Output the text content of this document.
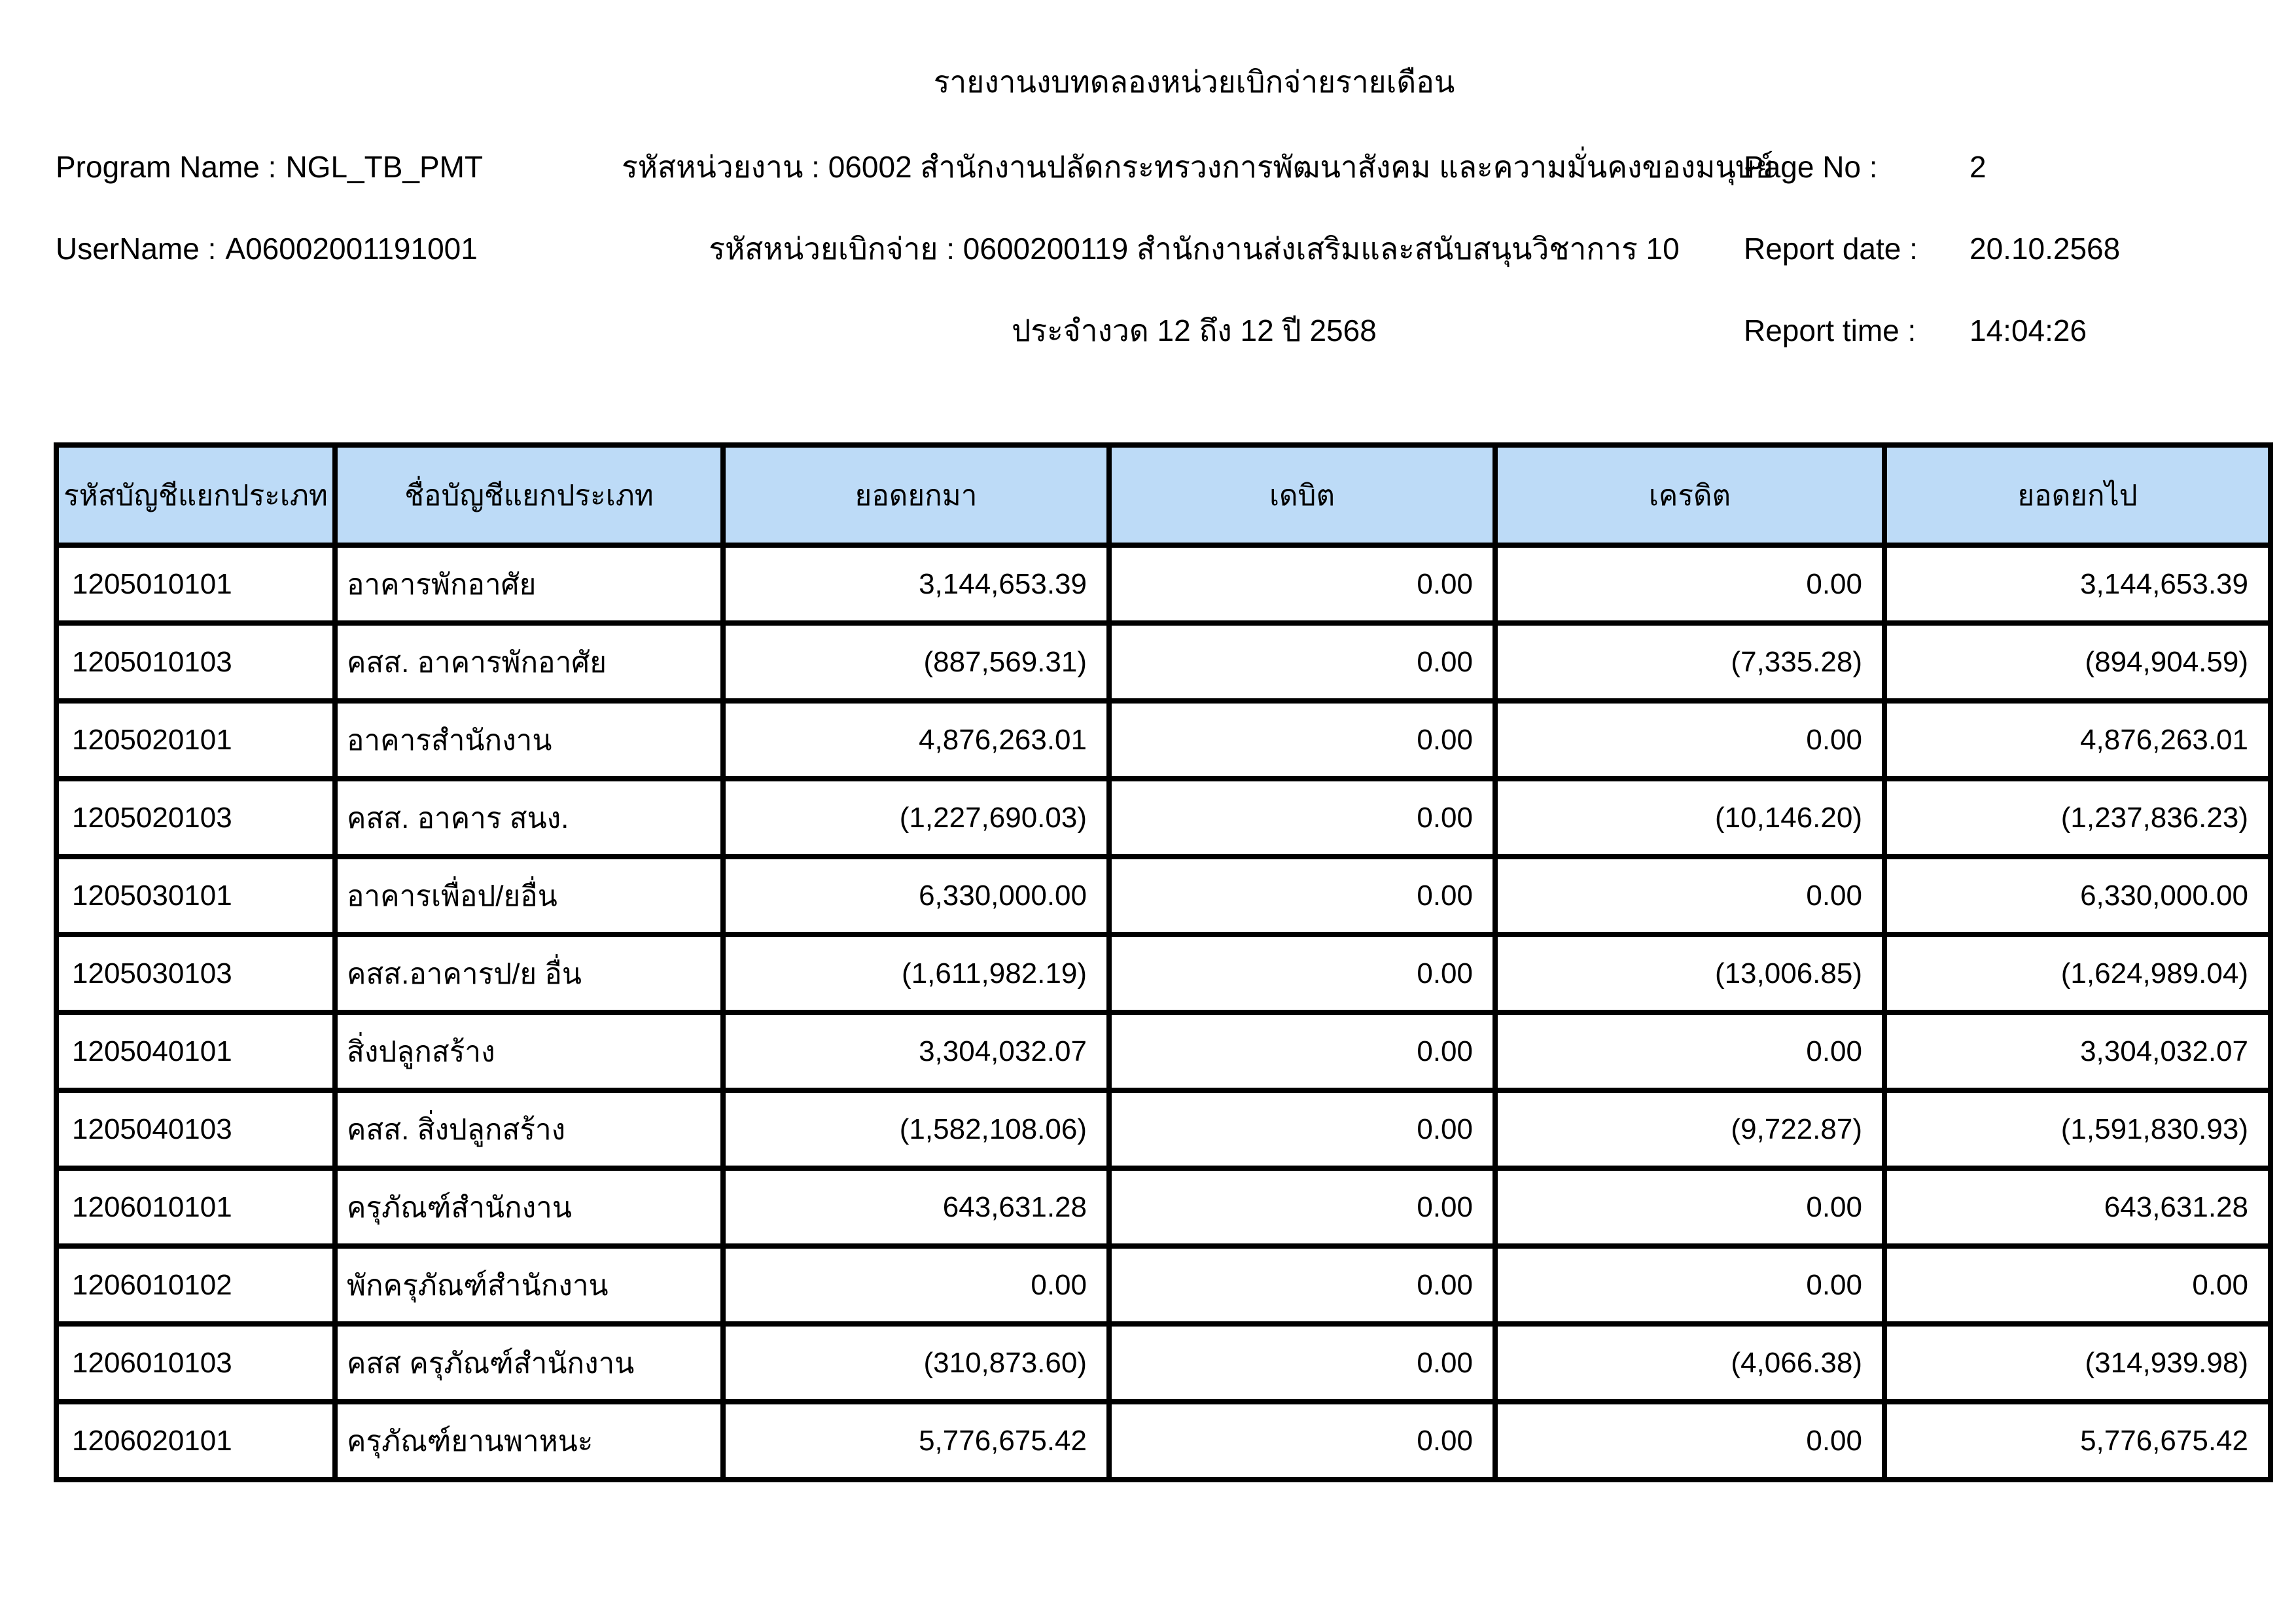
รายงานงบทดลองหน่วยเบิกจ่ายรายเดือน
Program Name : NGL_TB_PMT	รหัสหน่วยงาน : 06002 สำนักงานปลัดกระทรวงการพัฒนาสังคม และความมั่นคงของมนุษย์
Page No :	2
UserName : A06002001191001	รหัสหน่วยเบิกจ่าย : 0600200119 สำนักงานส่งเสริมและสนับสนุนวิชาการ 10	Report date : 20.10.2568
ประจำงวด 12 ถึง 12 ปี 2568	Report time : 14:04:26
รหัสบัญชีแยกประเภท	ชื่อบัญชีแยกประเภท	ยอดยกมา	เดบิต	เครดิต	ยอดยกไป
1205010101	อาคารพักอาศัย	3,144,653.39	0.00	0.00	3,144,653.39
1205010103	คสส. อาคารพักอาศัย	(887,569.31)	0.00	(7,335.28)	(894,904.59)
1205020101	อาคารสำนักงาน	4,876,263.01	0.00	0.00	4,876,263.01
1205020103	คสส. อาคาร สนง.	(1,227,690.03)	0.00	(10,146.20)	(1,237,836.23)
1205030101	อาคารเพื่อป/ยอื่น	6,330,000.00	0.00	0.00	6,330,000.00
1205030103	คสส.อาคารป/ย อื่น	(1,611,982.19)	0.00	(13,006.85)	(1,624,989.04)
1205040101	สิ่งปลูกสร้าง	3,304,032.07	0.00	0.00	3,304,032.07
1205040103	คสส. สิ่งปลูกสร้าง	(1,582,108.06)	0.00	(9,722.87)	(1,591,830.93)
1206010101	ครุภัณฑ์สำนักงาน	643,631.28	0.00	0.00	643,631.28
1206010102	พักครุภัณฑ์สำนักงาน	0.00	0.00	0.00	0.00
1206010103	คสส ครุภัณฑ์สำนักงาน	(310,873.60)	0.00	(4,066.38)	(314,939.98)
1206020101	ครุภัณฑ์ยานพาหนะ	5,776,675.42	0.00	0.00	5,776,675.42
